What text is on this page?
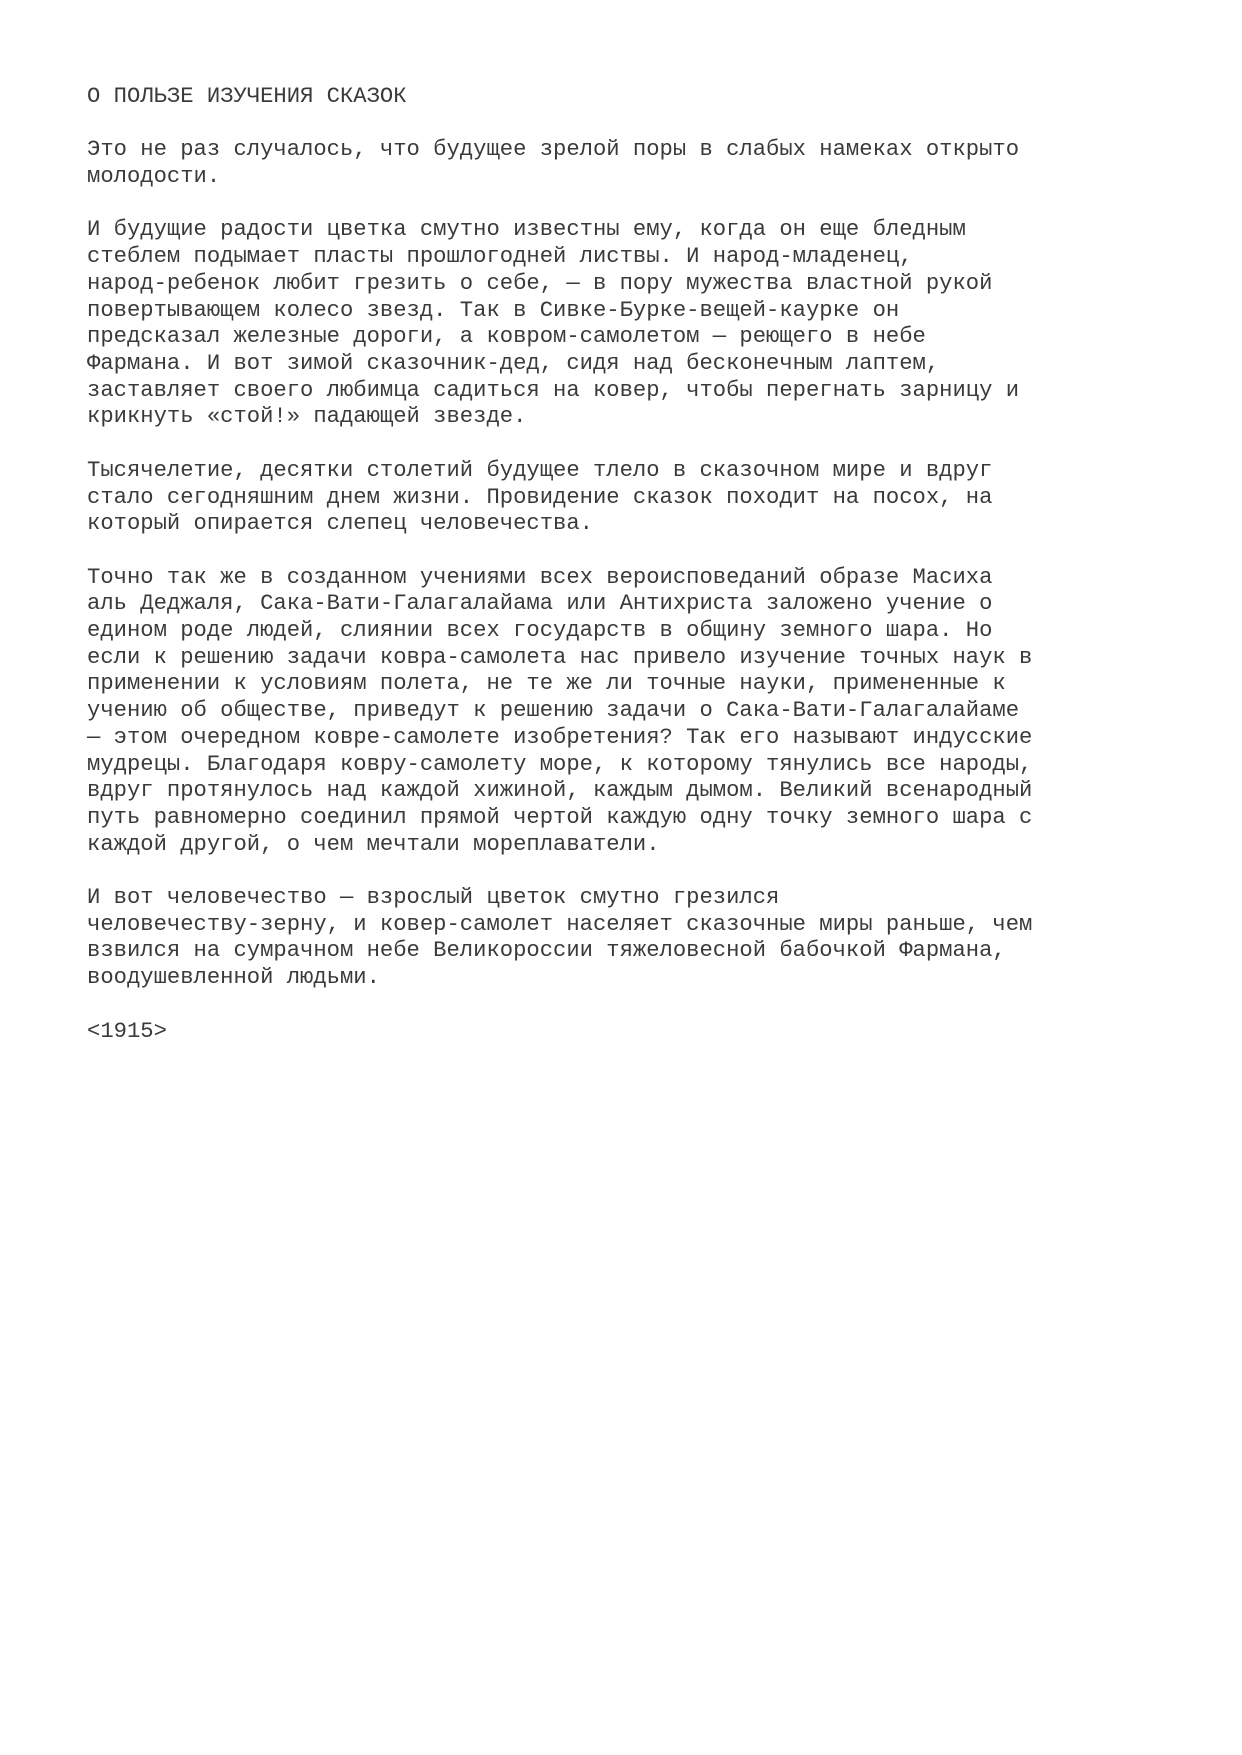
О ПОЛЬЗЕ ИЗУЧЕНИЯ СКАЗОК

Это не раз случалось, что будущее зрелой поры в слабых намеках открыто
молодости.

И будущие радости цветка смутно известны ему, когда он еще бледным
стеблем подымает пласты прошлогодней листвы. И народ-младенец,
народ-ребенок любит грезить о себе, — в пору мужества властной рукой
повертывающем колесо звезд. Так в Сивке-Бурке-вещей-каурке он
предсказал железные дороги, а ковром-самолетом — реющего в небе
Фармана. И вот зимой сказочник-дед, сидя над бесконечным лаптем,
заставляет своего любимца садиться на ковер, чтобы перегнать зарницу и
крикнуть «стой!» падающей звезде.

Тысячелетие, десятки столетий будущее тлело в сказочном мире и вдруг
стало сегодняшним днем жизни. Провидение сказок походит на посох, на
который опирается слепец человечества.

Точно так же в созданном учениями всех вероисповеданий образе Масиха
аль Деджаля, Сака-Вати-Галагалайама или Антихриста заложено учение о
едином роде людей, слиянии всех государств в общину земного шара. Но
если к решению задачи ковра-самолета нас привело изучение точных наук в
применении к условиям полета, не те же ли точные науки, примененные к
учению об обществе, приведут к решению задачи о Сака-Вати-Галагалайаме
— этом очередном ковре-самолете изобретения? Так его называют индусские
мудрецы. Благодаря ковру-самолету море, к которому тянулись все народы,
вдруг протянулось над каждой хижиной, каждым дымом. Великий всенародный
путь равномерно соединил прямой чертой каждую одну точку земного шара с
каждой другой, о чем мечтали мореплаватели.

И вот человечество — взрослый цветок смутно грезился
человечеству-зерну, и ковер-самолет населяет сказочные миры раньше, чем
взвился на сумрачном небе Великороссии тяжеловесной бабочкой Фармана,
воодушевленной людьми.

<1915>
